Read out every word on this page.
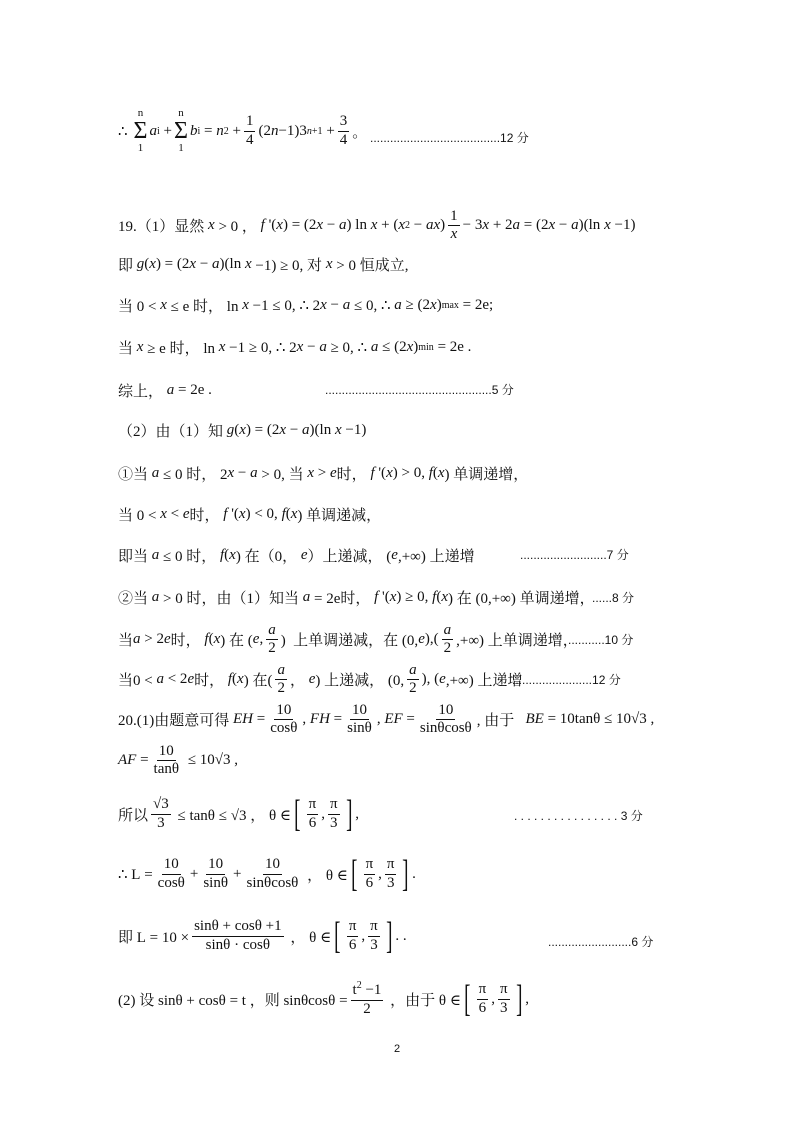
∴
n
Σ
1
a i +
n
Σ
1
b i = n $2 + \frac{1}{4} (2$ n −1)3 $n+1 + \frac{3}{4}$ 。 .......................................12 分
19.（1）显然 x > 0 ， f '( x ) = (2 x − a ) ln x + ( x 2 − ax ) $\frac{1}{x} - 3$ x + 2 a = (2 x − a )(ln x −1)
即 g ( x ) = (2 x − a )(ln x −1) ≥ 0, 对 x > 0 恒成立,
当 0 < x ≤ e 时， ln x −1 ≤ 0, ∴ 2 x − a ≤ 0, ∴ a ≥ (2 x ) max = 2e;
当 x ≥ e 时， ln x −1 ≥ 0, ∴ 2 x − a ≥ 0, ∴ a ≤ (2 x ) min = 2e .
综上， a = 2e .	..................................................5 分
（2）由（1）知 g ( x ) = (2 x − a )(ln x −1)
①当 a ≤ 0 时， 2 x − a > 0, 当 x > e 时， f '( x ) > 0, f ( x ) 单调递增，
当 0 < x < e 时， f '( x ) < 0, f ( x ) 单调递减，
即当 a ≤ 0 时， f ( x ) 在（0， e ）上递减， ( e ,+∞) 上递增	..........................7 分
②当 a > 0 时，由（1）知当 a = 2e时， f '( x ) ≥ 0, f ( x ) 在 (0,+∞) 单调递增，
......8 分
当 a > 2 e 时， f ( x ) 在 ( e , $\frac{a}{2}$ )  上单调递减，在 (0, e ),( $\frac{a}{2}$ ,+∞) 上单调递增，
...........10 分
当0 < a < 2 e 时， f ( x ) 在( $\frac{a}{2}$ ， e ) 上递减， (0, $\frac{a}{2}$ ), ( e ,+∞) 上递增
........................12 分
20.(1)由题意可得 EH = $\frac{10}{\cos\theta}$ , FH = $\frac{10}{\sin\theta}$ , EF = $\frac{10}{\sin\theta\cos\theta}$ , 由于 BE = 10tanθ ≤ 10√3 ,
AF = $\frac{10}{\tan\theta} \le 10√3$ ,
所以 $\frac{√3}{3} \le \tan\theta \le √3$ ， θ ∈ [ $\frac{\pi}{6}$ , $\frac{\pi}{3}$ ] ,	. . . . . . . . . . . . . . . . 3 分
∴ $L = \frac{10}{\cos\theta} + \frac{10}{\sin\theta} + \frac{10}{\sin\theta\cos\theta}$ ， θ ∈ [ $\frac{\pi}{6}$ , $\frac{\pi}{3}$ ] .
即 $L = 10 \times \frac{\sin\theta + \cos\theta +1}{\sin\theta \cdot \cos\theta}$ ， θ ∈ [ $\frac{\pi}{6}$ , $\frac{\pi}{3}$ ] . .	.........................6 分
(2) 设 sinθ + cosθ = t ，则 $\sin\theta\cos\theta = \frac{t^2 -1}{2}$ ，由于 θ ∈ [ $\frac{\pi}{6}$ , $\frac{\pi}{3}$ ] ,
2
